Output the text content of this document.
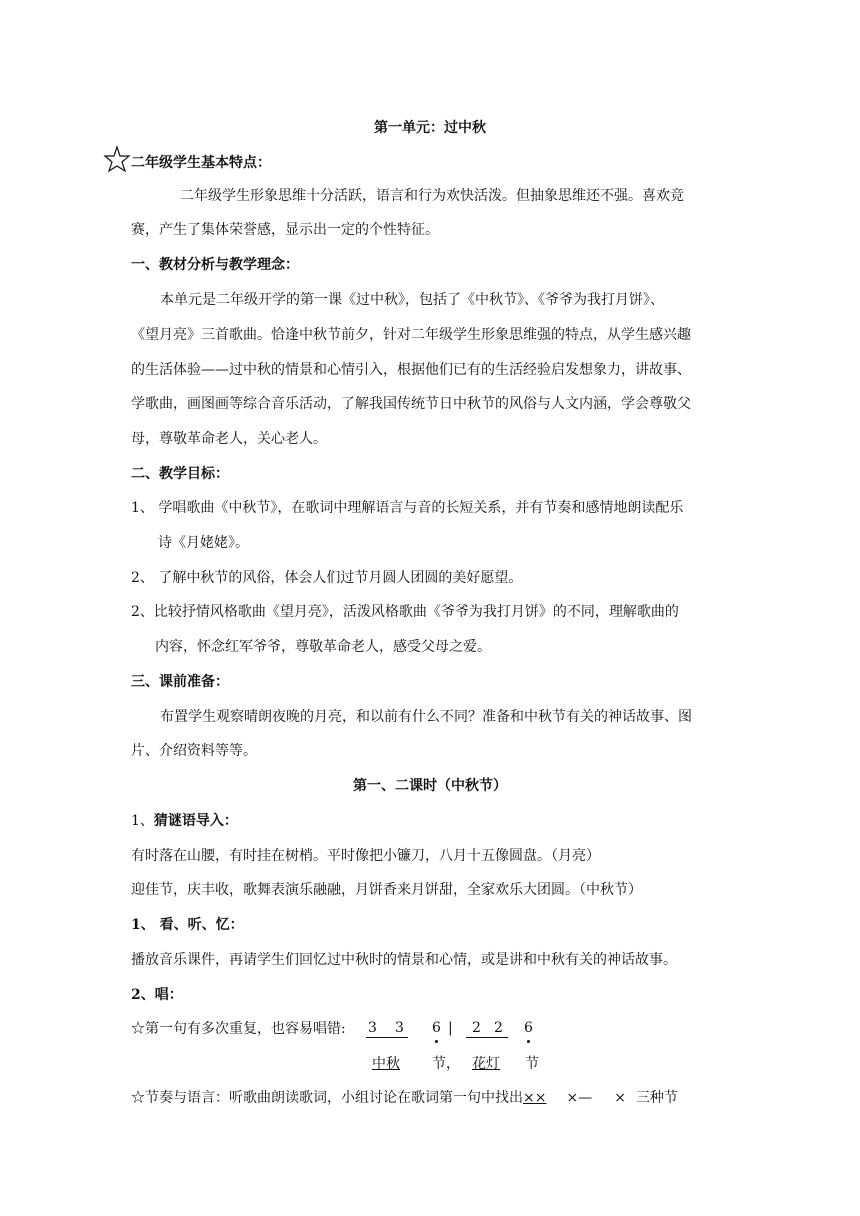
第一单元：过中秋
二年级学生基本特点：
二年级学生形象思维十分活跃，语言和行为欢快活泼。但抽象思维还不强。喜欢竞
赛，产生了集体荣誉感，显示出一定的个性特征。
一、教材分析与教学理念：
本单元是二年级开学的第一课《过中秋》，包括了《中秋节》、《爷爷为我打月饼》、
《望月亮》三首歌曲。恰逢中秋节前夕，针对二年级学生形象思维强的特点，从学生感兴趣
的生活体验——过中秋的情景和心情引入，根据他们已有的生活经验启发想象力，讲故事、
学歌曲，画图画等综合音乐活动，了解我国传统节日中秋节的风俗与人文内涵，学会尊敬父
母，尊敬革命老人，关心老人。
二、教学目标：
1、 学唱歌曲《中秋节》，在歌词中理解语言与音的长短关系，并有节奏和感情地朗读配乐
诗《月姥姥》。
2、 了解中秋节的风俗，体会人们过节月圆人团圆的美好愿望。
2、比较抒情风格歌曲《望月亮》，活泼风格歌曲《爷爷为我打月饼》的不同，理解歌曲的
内容，怀念红军爷爷，尊敬革命老人，感受父母之爱。
三、课前准备：
布置学生观察晴朗夜晚的月亮，和以前有什么不同？准备和中秋节有关的神话故事、图
片、介绍资料等等。
第一、二课时（中秋节）
1、猜谜语导入：
有时落在山腰，有时挂在树梢。平时像把小镰刀，八月十五像圆盘。（月亮）
迎佳节，庆丰收，歌舞表演乐融融，月饼香来月饼甜，全家欢乐大团圆。（中秋节）
1、 看、听、忆：
播放音乐课件，再请学生们回忆过中秋时的情景和心情，或是讲和中秋有关的神话故事。
2、唱：
☆第一句有多次重复，也容易唱错: 3 3 6 | 2 2 6
中秋 节， 花灯 节
☆节奏与语言：听歌曲朗读歌词，小组讨论在歌词第一句中找出×× ×— × 三种节
